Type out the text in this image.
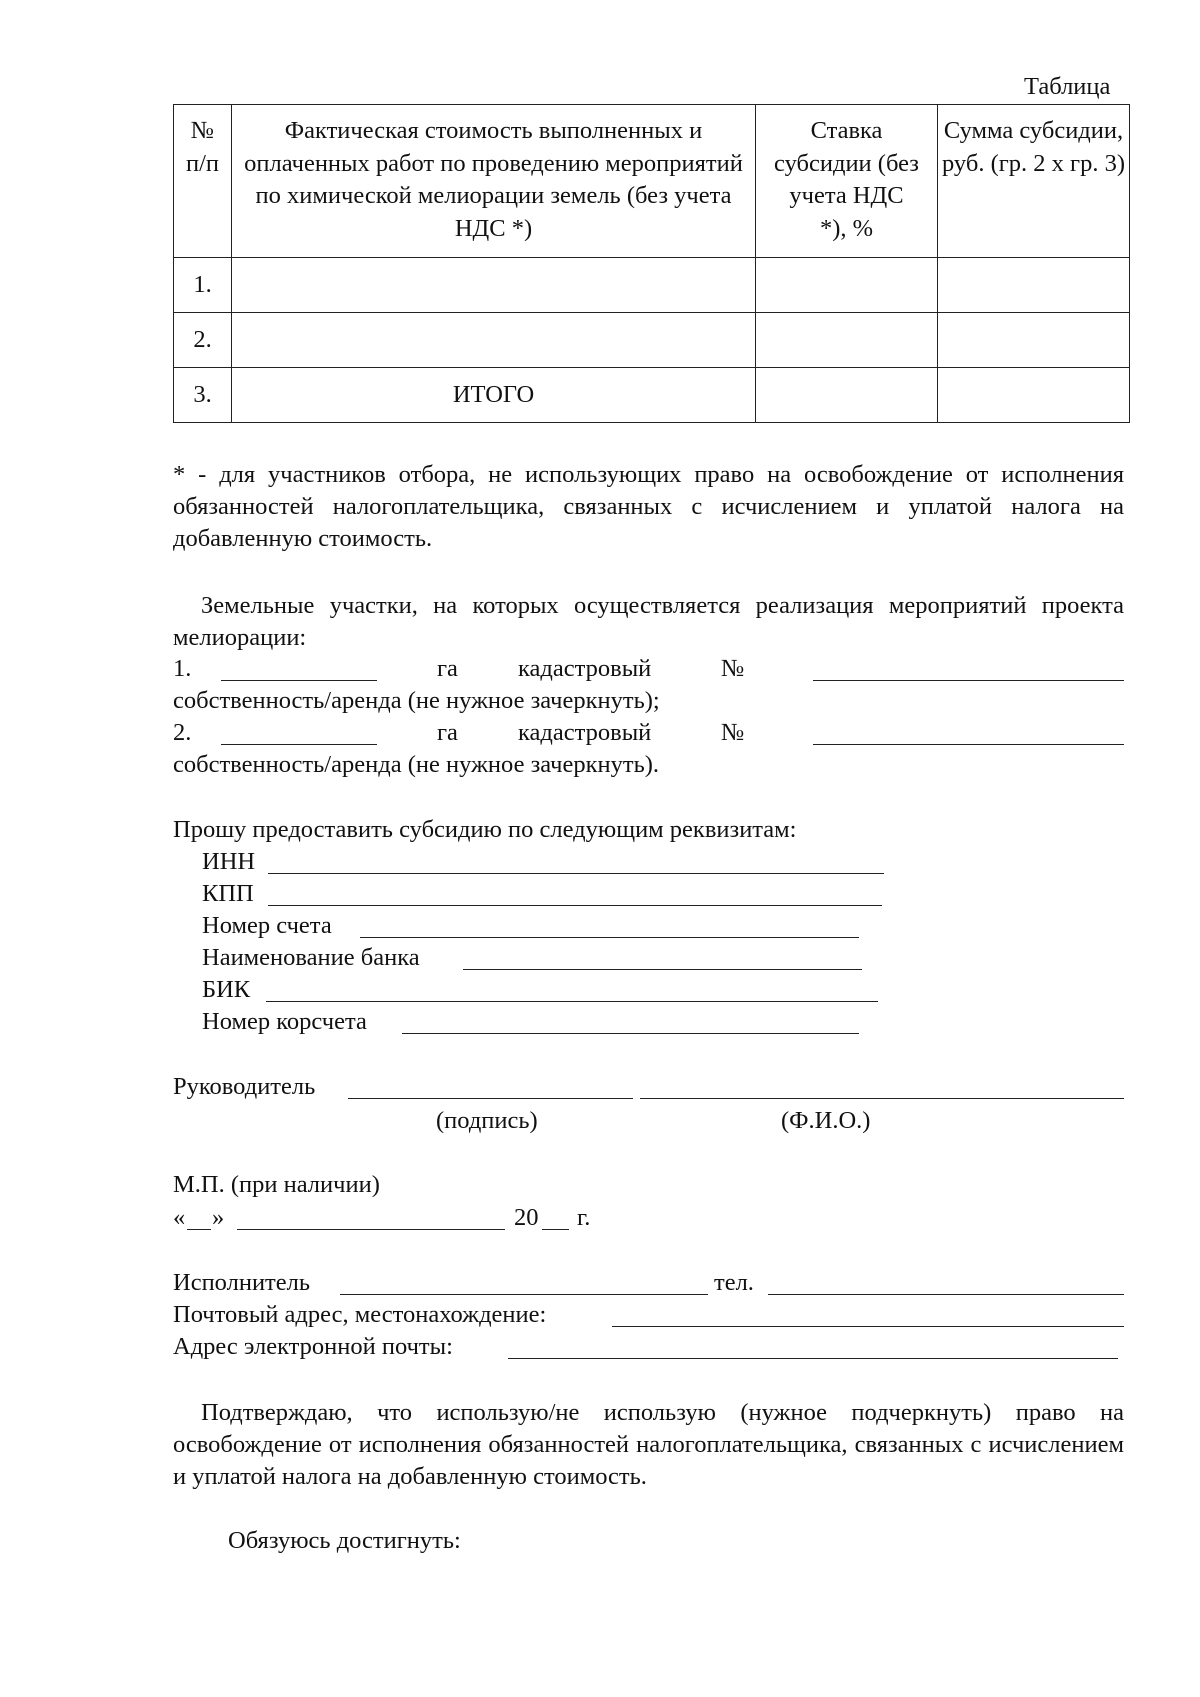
Таблица
№ п/п	Фактическая стоимость выполненных и оплаченных работ по проведению мероприятий по химической мелиорации земель (без учета НДС *)	Ставка субсидии (без учета НДС *), %	Сумма субсидии, руб. (гр. 2 x гр. 3)
1.			
2.			
3.	ИТОГО		
* - для участников отбора, не использующих право на освобождение от исполнения обязанностей налогоплательщика, связанных с исчислением и уплатой налога на добавленную стоимость.
Земельные участки, на которых осуществляется реализация мероприятий проекта мелиорации:
1.	га кадастровый	№
собственность/аренда (не нужное зачеркнуть);
2.	га кадастровый	№
собственность/аренда (не нужное зачеркнуть).
Прошу предоставить субсидию по следующим реквизитам:
ИНН
КПП
Номер счета
Наименование банка
БИК
Номер корсчета
Руководитель
(подпись)	(Ф.И.О.)
М.П. (при наличии)
« »	20 г.
Исполнитель	тел.
Почтовый адрес, местонахождение:
Адрес электронной почты:
Подтверждаю, что использую/не использую (нужное подчеркнуть) право на освобождение от исполнения обязанностей налогоплательщика, связанных с исчислением и уплатой налога на добавленную стоимость.
Обязуюсь достигнуть:
